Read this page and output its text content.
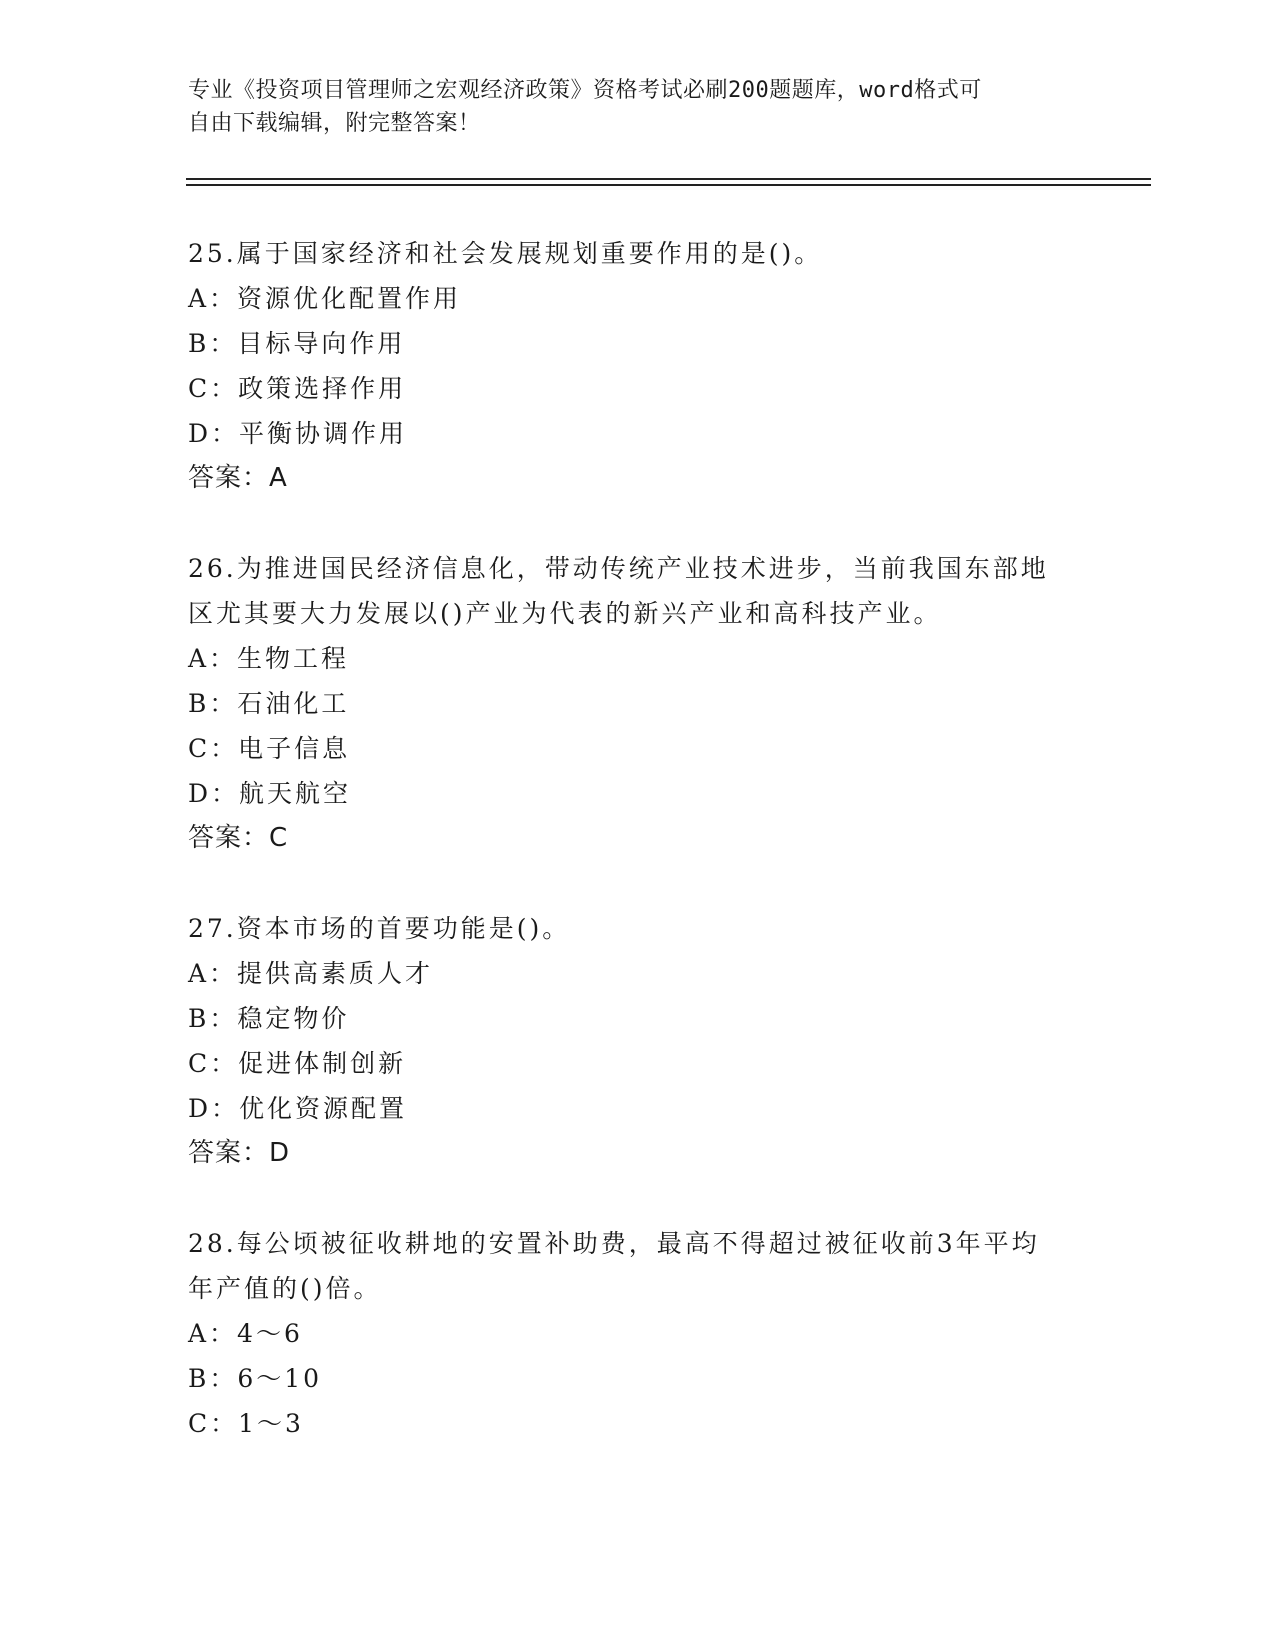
专业《投资项目管理师之宏观经济政策》资格考试必刷200题题库，word格式可
自由下载编辑，附完整答案！
25.属于国家经济和社会发展规划重要作用的是()。
A：资源优化配置作用
B：目标导向作用
C：政策选择作用
D：平衡协调作用
答案：A
26.为推进国民经济信息化，带动传统产业技术进步，当前我国东部地
区尤其要大力发展以()产业为代表的新兴产业和高科技产业。
A：生物工程
B：石油化工
C：电子信息
D：航天航空
答案：C
27.资本市场的首要功能是()。
A：提供高素质人才
B：稳定物价
C：促进体制创新
D：优化资源配置
答案：D
28.每公顷被征收耕地的安置补助费，最高不得超过被征收前3年平均
年产值的()倍。
A：4～6
B：6～10
C：1～3
